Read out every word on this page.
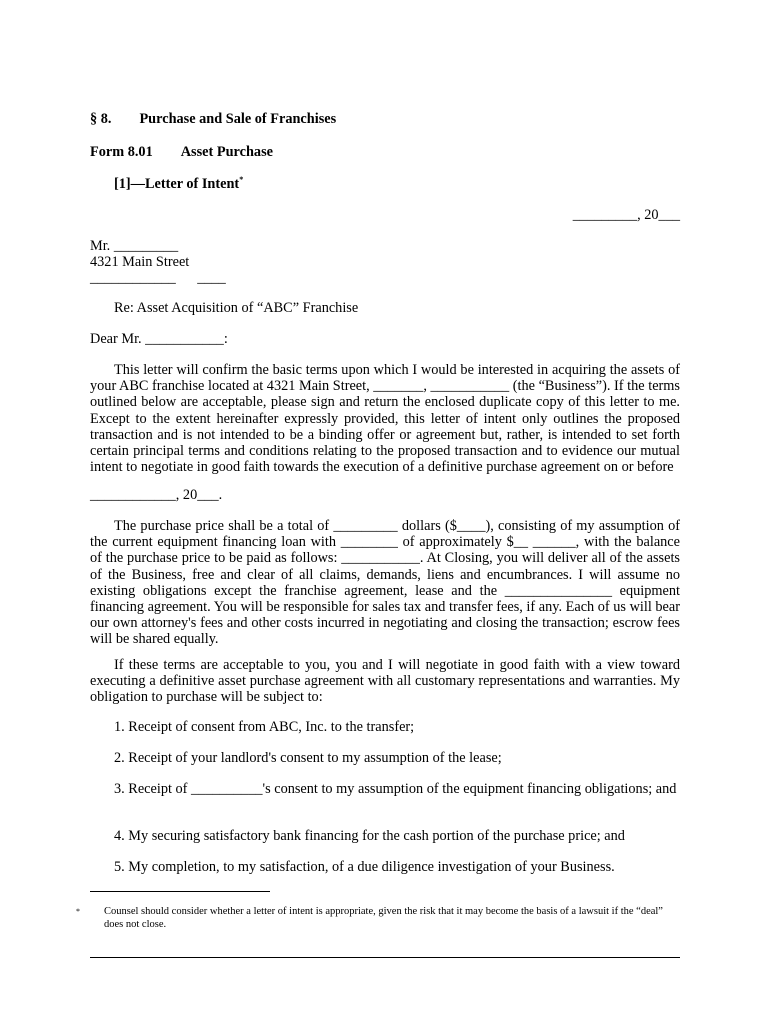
§ 8. Purchase and Sale of Franchises
Form 8.01 Asset Purchase
[1]—Letter of Intent*
_________, 20___
Mr. _________
4321 Main Street
____________      ____
Re: Asset Acquisition of “ABC” Franchise
Dear Mr. ___________:
This letter will confirm the basic terms upon which I would be interested in acquiring the assets of your ABC franchise located at 4321 Main Street, _______, ___________ (the “Business”). If the terms outlined below are acceptable, please sign and return the enclosed duplicate copy of this letter to me. Except to the extent hereinafter expressly provided, this letter of intent only outlines the proposed transaction and is not intended to be a binding offer or agreement but, rather, is intended to set forth certain principal terms and conditions relating to the proposed transaction and to evidence our mutual intent to negotiate in good faith towards the execution of a definitive purchase agreement on or before
____________, 20___.
The purchase price shall be a total of _________ dollars ($____), consisting of my assumption of the current equipment financing loan with ________ of approximately $__ ______, with the balance of the purchase price to be paid as follows: ___________. At Closing, you will deliver all of the assets of the Business, free and clear of all claims, demands, liens and encumbrances. I will assume no existing obligations except the franchise agreement, lease and the _______________ equipment financing agreement. You will be responsible for sales tax and transfer fees, if any. Each of us will bear our own attorney's fees and other costs incurred in negotiating and closing the transaction; escrow fees will be shared equally.
If these terms are acceptable to you, you and I will negotiate in good faith with a view toward executing a definitive asset purchase agreement with all customary representations and warranties. My obligation to purchase will be subject to:
1. Receipt of consent from ABC, Inc. to the transfer;
2. Receipt of your landlord's consent to my assumption of the lease;
3. Receipt of __________'s consent to my assumption of the equipment financing obligations; and
4. My securing satisfactory bank financing for the cash portion of the purchase price; and
5. My completion, to my satisfaction, of a due diligence investigation of your Business.
* Counsel should consider whether a letter of intent is appropriate, given the risk that it may become the basis of a lawsuit if the “deal” does not close.
